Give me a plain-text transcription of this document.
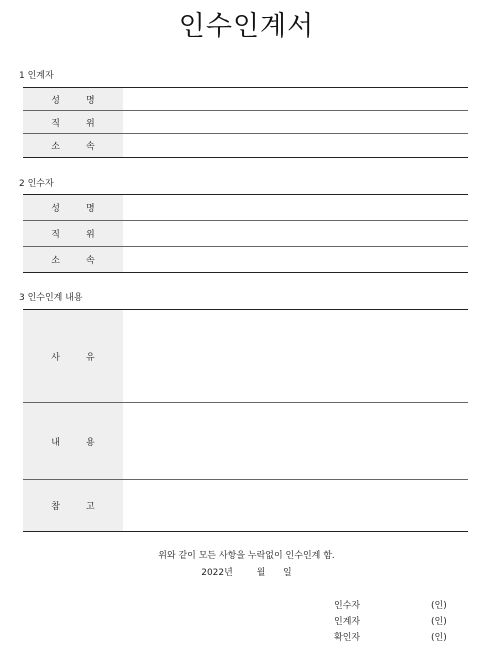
인수인계서
1 인계자
성	명
직	위
소	속
2 인수자
성	명
직	위
소	속
3 인수인계 내용
사	유
내	용
참	고
위와 같이 모든 사항을 누락없이 인수인계 함.
2022년	월 일
인수자	(인)
인계자	(인)
확인자	(인)
